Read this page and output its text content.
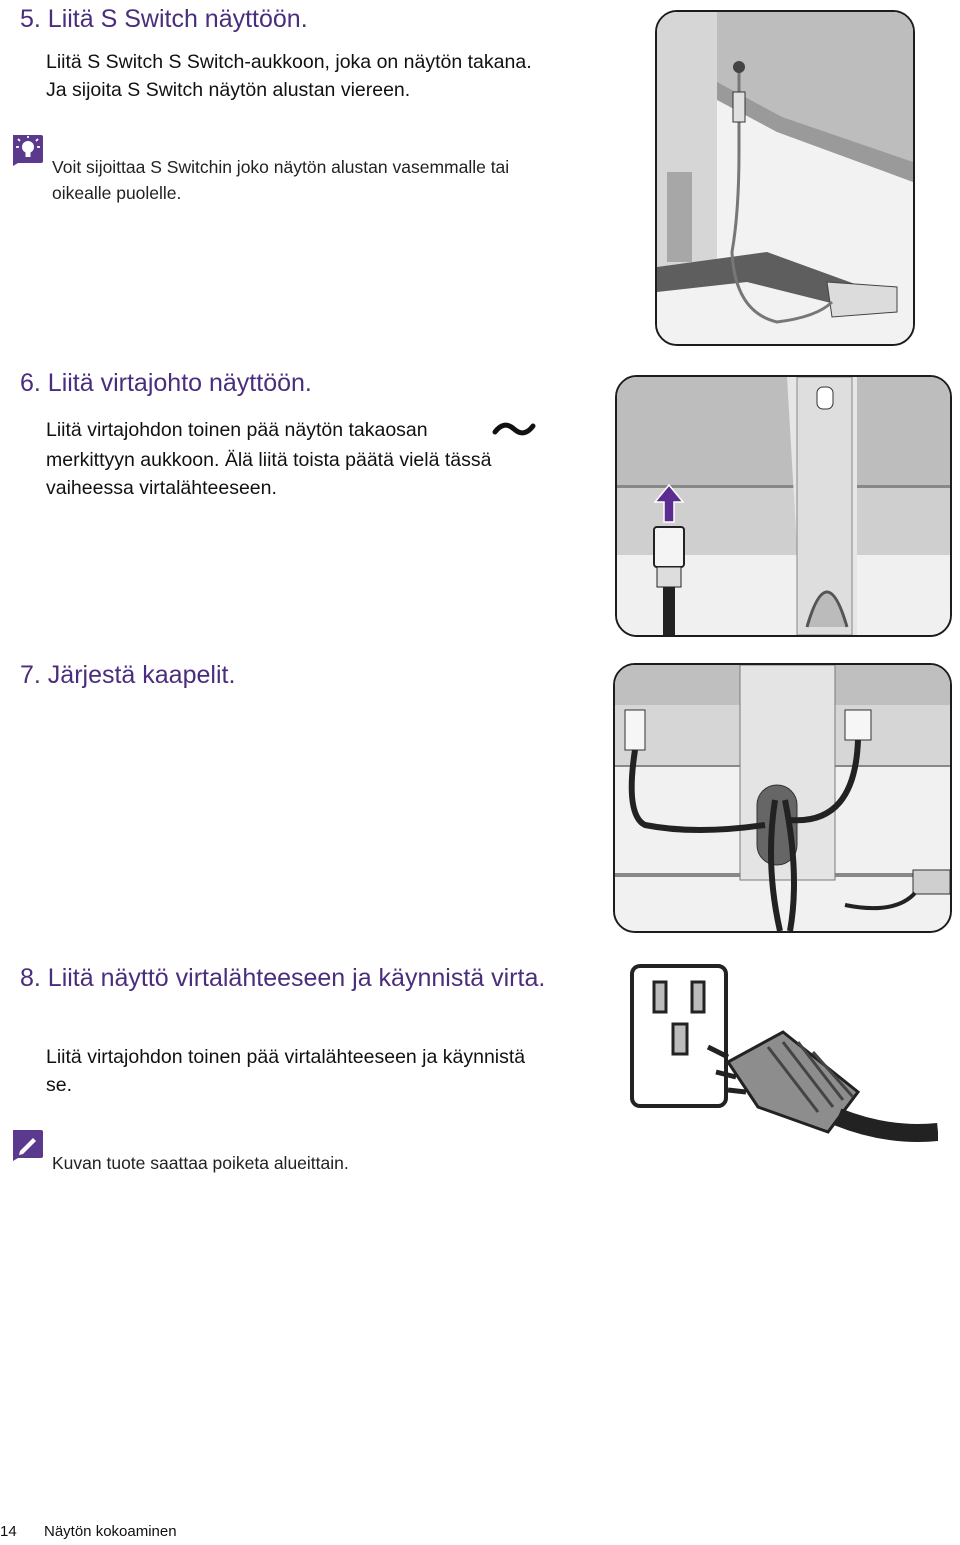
5. Liitä S Switch näyttöön.
Liitä S Switch S Switch-aukkoon, joka on näytön takana. Ja sijoita S Switch näytön alustan viereen.
Voit sijoittaa S Switchin joko näytön alustan vasemmalle tai oikealle puolelle.
6. Liitä virtajohto näyttöön.
Liitä virtajohdon toinen pää näytön takaosan
merkittyyn aukkoon. Älä liitä toista päätä vielä tässä vaiheessa virtalähteeseen.
7. Järjestä kaapelit.
8. Liitä näyttö virtalähteeseen ja käynnistä virta.
Liitä virtajohdon toinen pää virtalähteeseen ja käynnistä se.
Kuvan tuote saattaa poiketa alueittain.
14 Näytön kokoaminen
